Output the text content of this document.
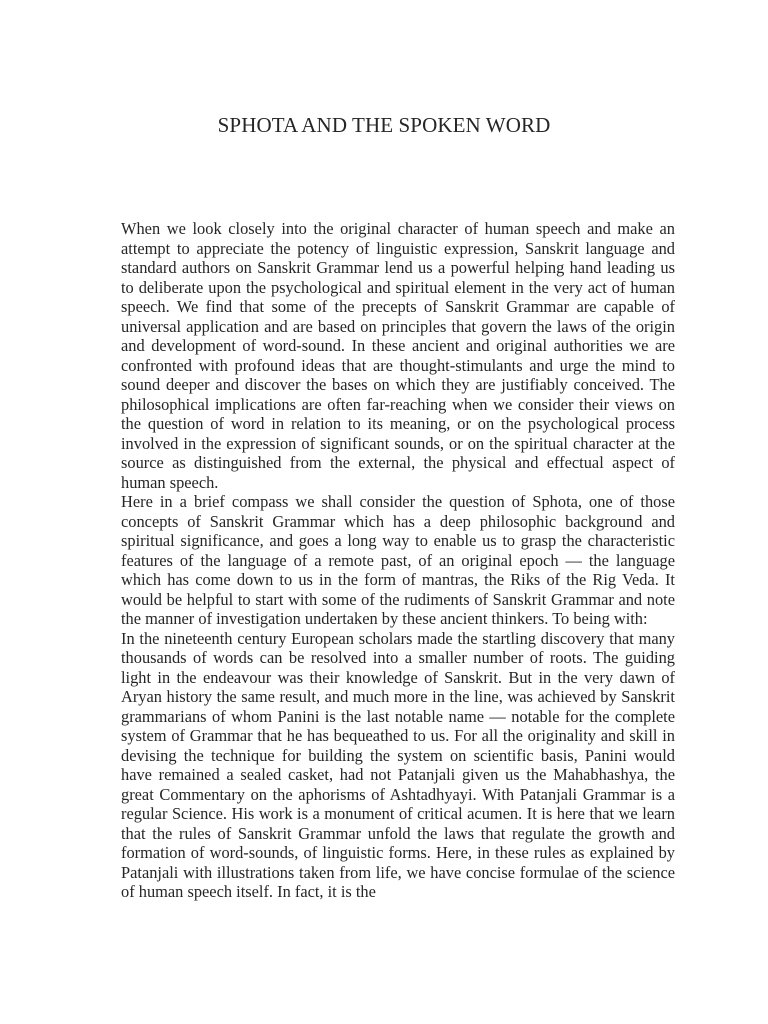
SPHOTA AND THE SPOKEN WORD

When we look closely into the original character of human speech and make an attempt to appreciate the potency of linguistic expression, Sanskrit language and standard authors on Sanskrit Grammar lend us a powerful helping hand leading us to deliberate upon the psychological and spiritual element in the very act of human speech. We find that some of the precepts of Sanskrit Grammar are capable of universal application and are based on principles that govern the laws of the origin and development of word-sound. In these ancient and original authorities we are confronted with profound ideas that are thought-stimulants and urge the mind to sound deeper and discover the bases on which they are justifiably conceived. The philosophical implications are often far-reaching when we consider their views on the question of word in relation to its meaning, or on the psychological process involved in the expression of significant sounds, or on the spiritual character at the source as distinguished from the external, the physical and effectual aspect of human speech.

Here in a brief compass we shall consider the question of Sphota, one of those concepts of Sanskrit Grammar which has a deep philosophic background and spiritual significance, and goes a long way to enable us to grasp the characteristic features of the language of a remote past, of an original epoch — the language which has come down to us in the form of mantras, the Riks of the Rig Veda. It would be helpful to start with some of the rudiments of Sanskrit Grammar and note the manner of investigation undertaken by these ancient thinkers. To being with:

In the nineteenth century European scholars made the startling discovery that many thousands of words can be resolved into a smaller number of roots. The guiding light in the endeavour was their knowledge of Sanskrit. But in the very dawn of Aryan history the same result, and much more in the line, was achieved by Sanskrit grammarians of whom Panini is the last notable name — notable for the complete system of Grammar that he has bequeathed to us. For all the originality and skill in devising the technique for building the system on scientific basis, Panini would have remained a sealed casket, had not Patanjali given us the Mahabhashya, the great Commentary on the aphorisms of Ashtadhyayi. With Patanjali Grammar is a regular Science. His work is a monument of critical acumen. It is here that we learn that the rules of Sanskrit Grammar unfold the laws that regulate the growth and formation of word-sounds, of linguistic forms. Here, in these rules as explained by Patanjali with illustrations taken from life, we have concise formulae of the science of human speech itself. In fact, it is the
